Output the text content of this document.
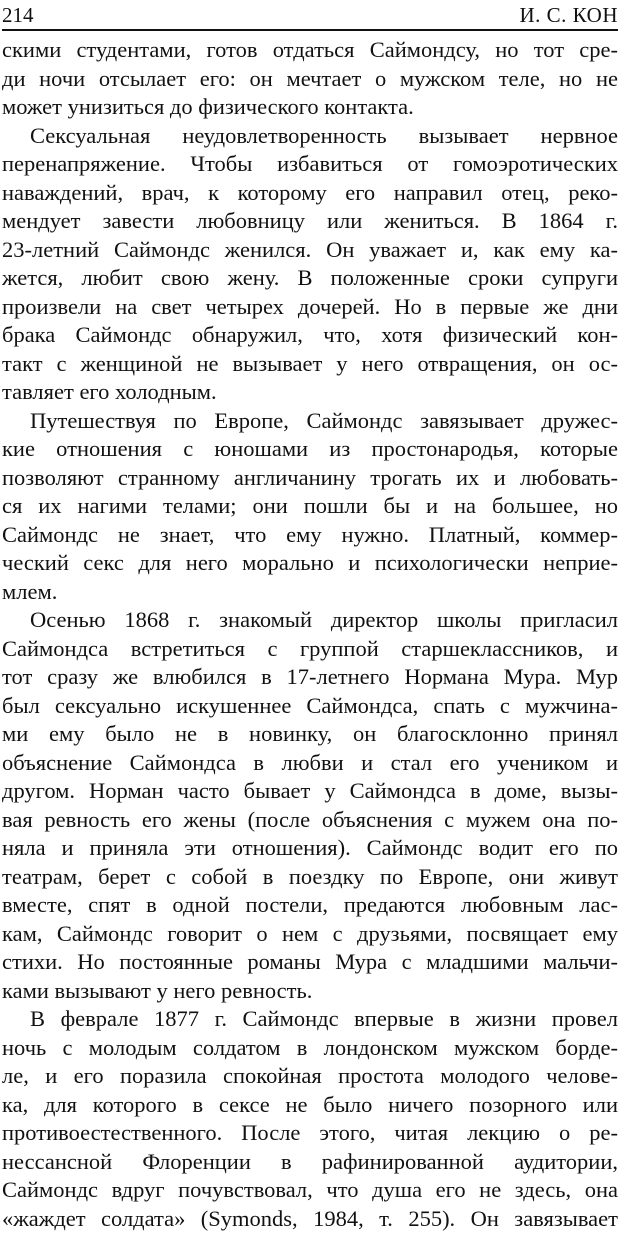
214	И. С. КОН
скими студентами, готов отдаться Саймондсу, но тот сре-
ди ночи отсылает его: он мечтает о мужском теле, но не
может унизиться до физического контакта.
Сексуальная неудовлетворенность вызывает нервное
перенапряжение. Чтобы избавиться от гомоэротических
наваждений, врач, к которому его направил отец, реко-
мендует завести любовницу или жениться. В 1864 г.
23-летний Саймондс женился. Он уважает и, как ему ка-
жется, любит свою жену. В положенные сроки супруги
произвели на свет четырех дочерей. Но в первые же дни
брака Саймондс обнаружил, что, хотя физический кон-
такт с женщиной не вызывает у него отвращения, он ос-
тавляет его холодным.
Путешествуя по Европе, Саймондс завязывает дружес-
кие отношения с юношами из простонародья, которые
позволяют странному англичанину трогать их и любовать-
ся их нагими телами; они пошли бы и на большее, но
Саймондс не знает, что ему нужно. Платный, коммер-
ческий секс для него морально и психологически неприе-
млем.
Осенью 1868 г. знакомый директор школы пригласил
Саймондса встретиться с группой старшеклассников, и
тот сразу же влюбился в 17-летнего Нормана Мура. Мур
был сексуально искушеннее Саймондса, спать с мужчина-
ми ему было не в новинку, он благосклонно принял
объяснение Саймондса в любви и стал его учеником и
другом. Норман часто бывает у Саймондса в доме, вызы-
вая ревность его жены (после объяснения с мужем она по-
няла и приняла эти отношения). Саймондс водит его по
театрам, берет с собой в поездку по Европе, они живут
вместе, спят в одной постели, предаются любовным лас-
кам, Саймондс говорит о нем с друзьями, посвящает ему
стихи. Но постоянные романы Мура с младшими мальчи-
ками вызывают у него ревность.
В феврале 1877 г. Саймондс впервые в жизни провел
ночь с молодым солдатом в лондонском мужском борде-
ле, и его поразила спокойная простота молодого челове-
ка, для которого в сексе не было ничего позорного или
противоестественного. После этого, читая лекцию о ре-
нессансной Флоренции в рафинированной аудитории,
Саймондс вдруг почувствовал, что душа его не здесь, она
«жаждет солдата» (Symonds, 1984, т. 255). Он завязывает
